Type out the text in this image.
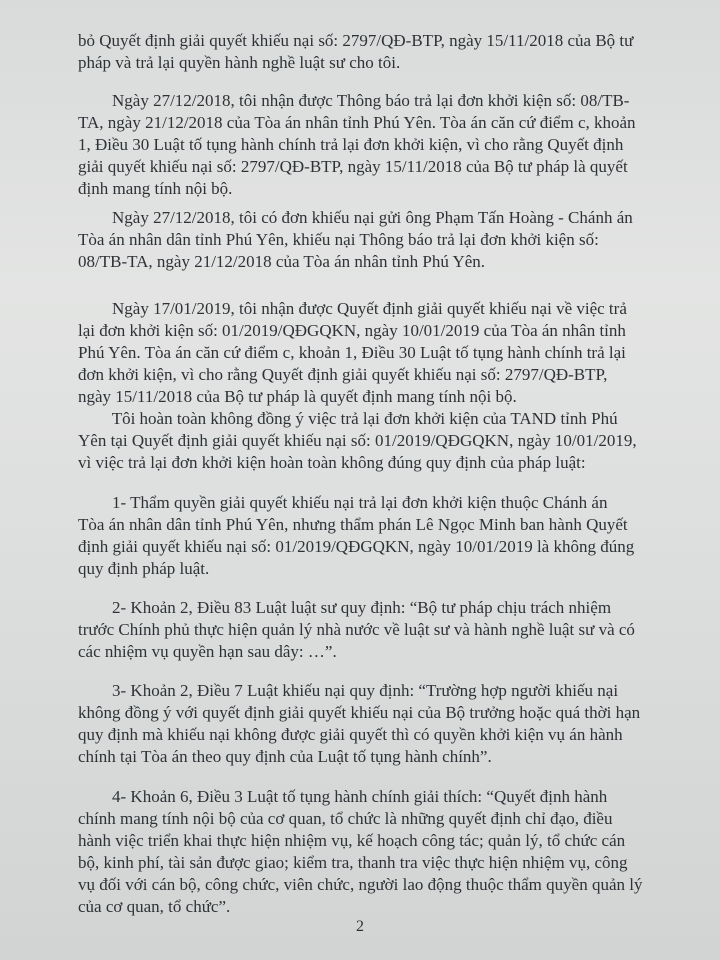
bỏ Quyết định giải quyết khiếu nại số: 2797/QĐ-BTP, ngày 15/11/2018 của Bộ tư
pháp và trả lại quyền hành nghề luật sư cho tôi.
Ngày 27/12/2018, tôi nhận được Thông báo trả lại đơn khởi kiện số: 08/TB-
TA, ngày 21/12/2018 của Tòa án nhân tỉnh Phú Yên. Tòa án căn cứ điểm c, khoản
1, Điều 30 Luật tố tụng hành chính trả lại đơn khởi kiện, vì cho rằng Quyết định
giải quyết khiếu nại số: 2797/QĐ-BTP, ngày 15/11/2018 của Bộ tư pháp là quyết
định mang tính nội bộ.
Ngày 27/12/2018, tôi có đơn khiếu nại gửi ông Phạm Tấn Hoàng - Chánh án
Tòa án nhân dân tỉnh Phú Yên, khiếu nại Thông báo trả lại đơn khởi kiện số:
08/TB-TA, ngày 21/12/2018 của Tòa án nhân tỉnh Phú Yên.
Ngày 17/01/2019, tôi nhận được Quyết định giải quyết khiếu nại về việc trả
lại đơn khởi kiện số: 01/2019/QĐGQKN, ngày 10/01/2019 của Tòa án nhân tỉnh
Phú Yên. Tòa án căn cứ điểm c, khoản 1, Điều 30 Luật tố tụng hành chính trả lại
đơn khởi kiện, vì cho rằng Quyết định giải quyết khiếu nại số: 2797/QĐ-BTP,
ngày 15/11/2018 của Bộ tư pháp là quyết định mang tính nội bộ.
Tôi hoàn toàn không đồng ý việc trả lại đơn khởi kiện của TAND tỉnh Phú
Yên tại Quyết định giải quyết khiếu nại số: 01/2019/QĐGQKN, ngày 10/01/2019,
vì việc trả lại đơn khởi kiện hoàn toàn không đúng quy định của pháp luật:
1- Thẩm quyền giải quyết khiếu nại trả lại đơn khởi kiện thuộc Chánh án
Tòa án nhân dân tỉnh Phú Yên, nhưng thẩm phán Lê Ngọc Minh ban hành Quyết
định giải quyết khiếu nại số: 01/2019/QĐGQKN, ngày 10/01/2019 là không đúng
quy định pháp luật.
2- Khoản 2, Điều 83 Luật luật sư quy định: “Bộ tư pháp chịu trách nhiệm
trước Chính phủ thực hiện quản lý nhà nước về luật sư và hành nghề luật sư và có
các nhiệm vụ quyền hạn sau dây: …”.
3- Khoản 2, Điều 7 Luật khiếu nại quy định: “Trường hợp người khiếu nại
không đồng ý với quyết định giải quyết khiếu nại của Bộ trưởng hoặc quá thời hạn
quy định mà khiếu nại không được giải quyết thì có quyền khởi kiện vụ án hành
chính tại Tòa án theo quy định của Luật tố tụng hành chính”.
4- Khoản 6, Điều 3 Luật tố tụng hành chính giải thích: “Quyết định hành
chính mang tính nội bộ của cơ quan, tổ chức là những quyết định chỉ đạo, điều
hành việc triển khai thực hiện nhiệm vụ, kế hoạch công tác; quản lý, tổ chức cán
bộ, kinh phí, tài sản được giao; kiểm tra, thanh tra việc thực hiện nhiệm vụ, công
vụ đối với cán bộ, công chức, viên chức, người lao động thuộc thẩm quyền quản lý
của cơ quan, tổ chức”.
2
